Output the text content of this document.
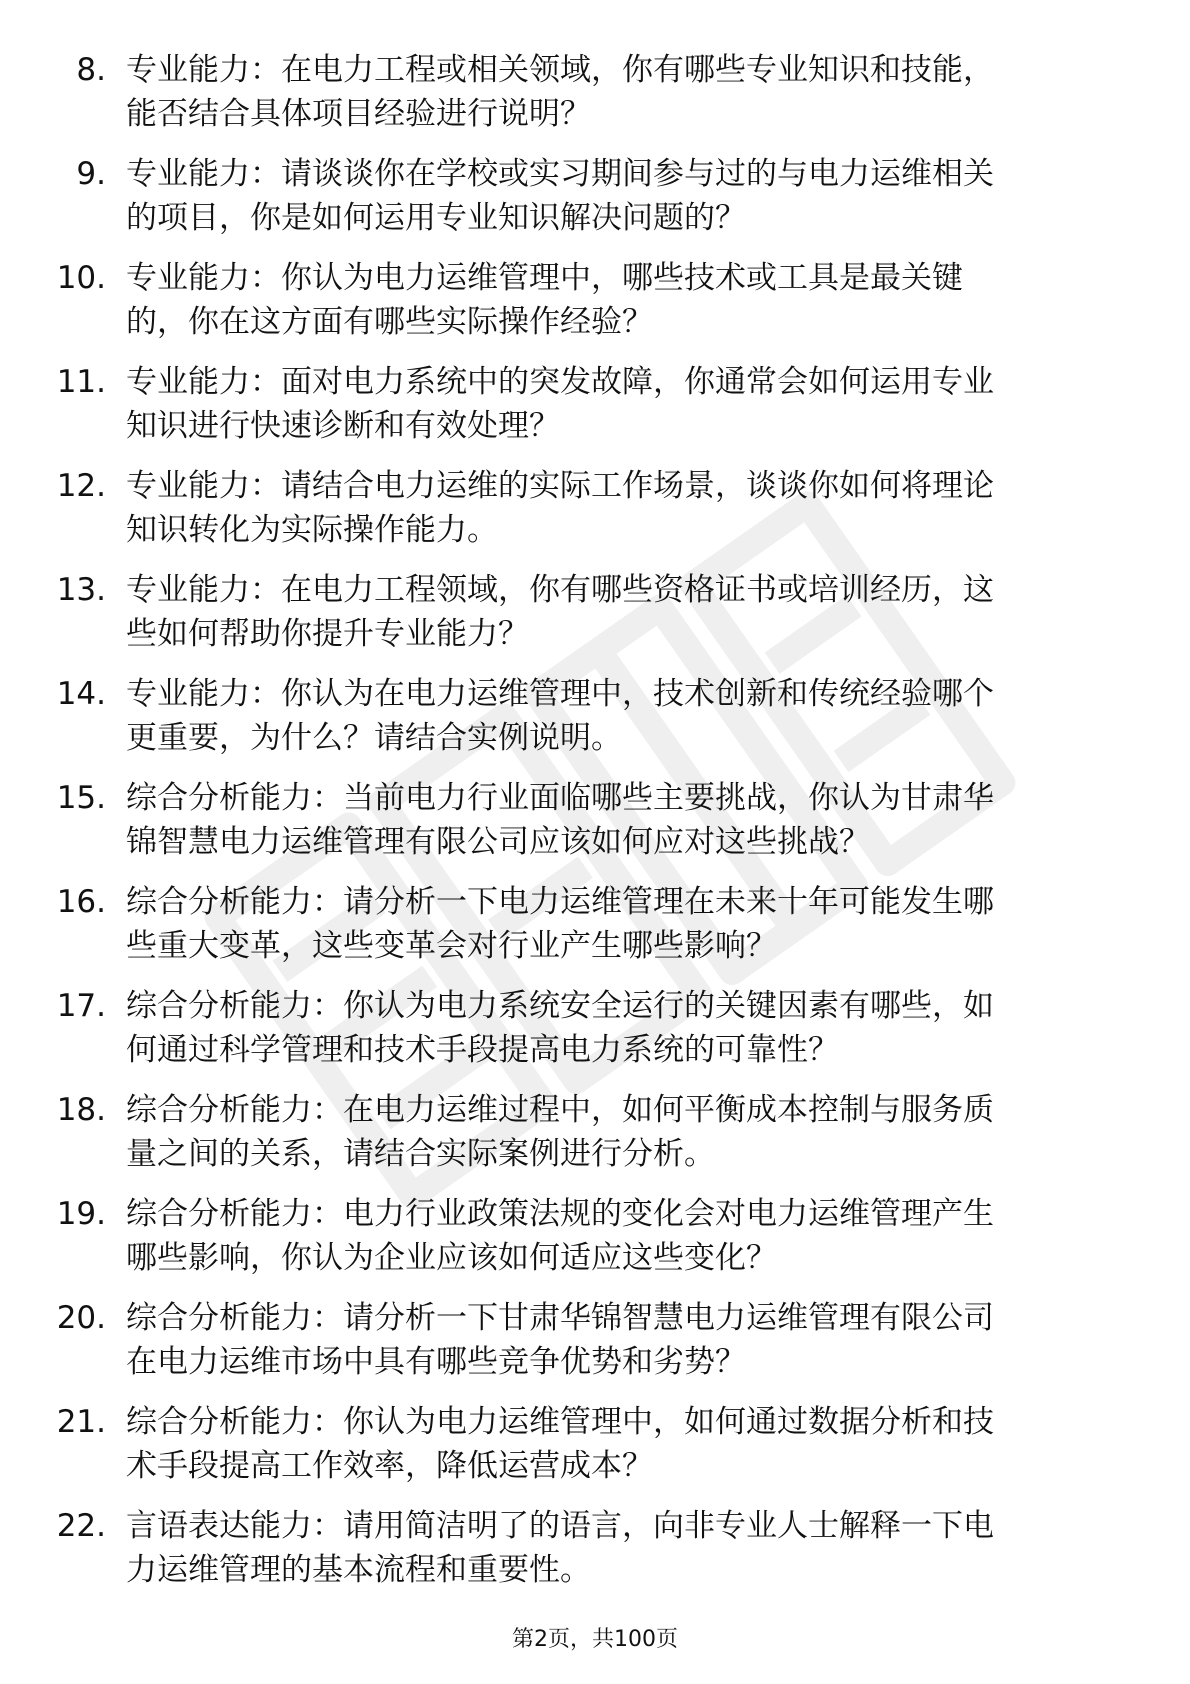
8. 专业能力：在电力工程或相关领域，你有哪些专业知识和技能，
能否结合具体项目经验进行说明？
9. 专业能力：请谈谈你在学校或实习期间参与过的与电力运维相关
的项目，你是如何运用专业知识解决问题的？
10. 专业能力：你认为电力运维管理中，哪些技术或工具是最关键
的，你在这方面有哪些实际操作经验？
11. 专业能力：面对电力系统中的突发故障，你通常会如何运用专业
知识进行快速诊断和有效处理？
12. 专业能力：请结合电力运维的实际工作场景，谈谈你如何将理论
知识转化为实际操作能力。
13. 专业能力：在电力工程领域，你有哪些资格证书或培训经历，这
些如何帮助你提升专业能力？
14. 专业能力：你认为在电力运维管理中，技术创新和传统经验哪个
更重要，为什么？请结合实例说明。
15. 综合分析能力：当前电力行业面临哪些主要挑战，你认为甘肃华
锦智慧电力运维管理有限公司应该如何应对这些挑战？
16. 综合分析能力：请分析一下电力运维管理在未来十年可能发生哪
些重大变革，这些变革会对行业产生哪些影响？
17. 综合分析能力：你认为电力系统安全运行的关键因素有哪些，如
何通过科学管理和技术手段提高电力系统的可靠性？
18. 综合分析能力：在电力运维过程中，如何平衡成本控制与服务质
量之间的关系，请结合实际案例进行分析。
19. 综合分析能力：电力行业政策法规的变化会对电力运维管理产生
哪些影响，你认为企业应该如何适应这些变化？
20. 综合分析能力：请分析一下甘肃华锦智慧电力运维管理有限公司
在电力运维市场中具有哪些竞争优势和劣势？
21. 综合分析能力：你认为电力运维管理中，如何通过数据分析和技
术手段提高工作效率，降低运营成本？
22. 言语表达能力：请用简洁明了的语言，向非专业人士解释一下电
力运维管理的基本流程和重要性。
第2页，共100页
